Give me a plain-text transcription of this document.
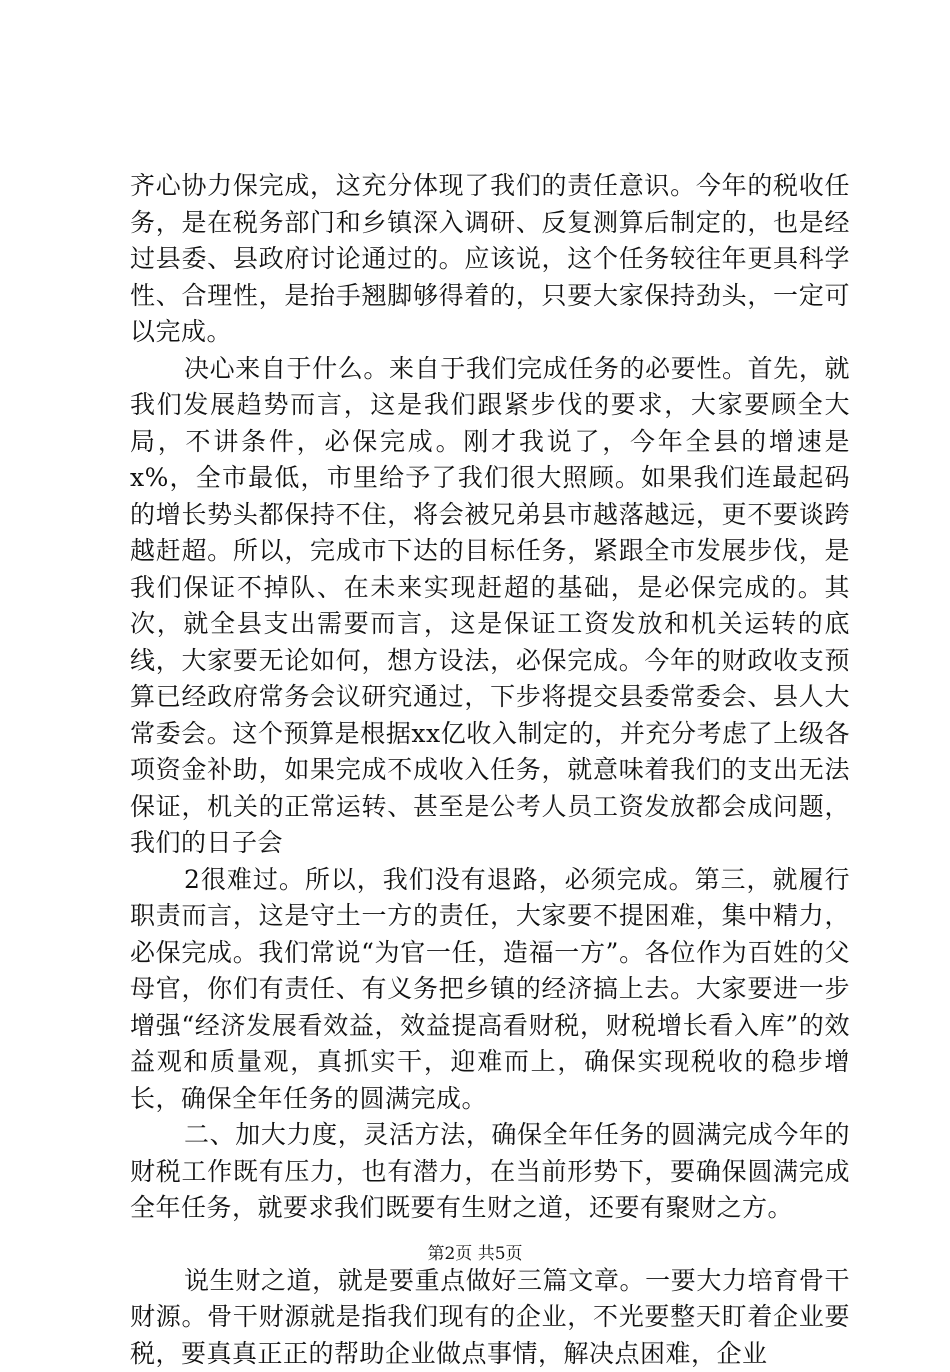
齐心协力保完成，这充分体现了我们的责任意识。今年的税收任务，是在税务部门和乡镇深入调研、反复测算后制定的，也是经过县委、县政府讨论通过的。应该说，这个任务较往年更具科学性、合理性，是抬手翘脚够得着的，只要大家保持劲头，一定可以完成。

决心来自于什么。来自于我们完成任务的必要性。首先，就我们发展趋势而言，这是我们跟紧步伐的要求，大家要顾全大局，不讲条件，必保完成。刚才我说了，今年全县的增速是x%，全市最低，市里给予了我们很大照顾。如果我们连最起码的增长势头都保持不住，将会被兄弟县市越落越远，更不要谈跨越赶超。所以，完成市下达的目标任务，紧跟全市发展步伐，是我们保证不掉队、在未来实现赶超的基础，是必保完成的。其次，就全县支出需要而言，这是保证工资发放和机关运转的底线，大家要无论如何，想方设法，必保完成。今年的财政收支预算已经政府常务会议研究通过，下步将提交县委常委会、县人大常委会。这个预算是根据xx亿收入制定的，并充分考虑了上级各项资金补助，如果完成不成收入任务，就意味着我们的支出无法保证，机关的正常运转、甚至是公考人员工资发放都会成问题，我们的日子会

2很难过。所以，我们没有退路，必须完成。第三，就履行职责而言，这是守土一方的责任，大家要不提困难，集中精力，必保完成。我们常说“为官一任，造福一方”。各位作为百姓的父母官，你们有责任、有义务把乡镇的经济搞上去。大家要进一步增强“经济发展看效益，效益提高看财税，财税增长看入库”的效益观和质量观，真抓实干，迎难而上，确保实现税收的稳步增长，确保全年任务的圆满完成。

二、加大力度，灵活方法，确保全年任务的圆满完成今年的财税工作既有压力，也有潜力，在当前形势下，要确保圆满完成全年任务，就要求我们既要有生财之道，还要有聚财之方。

说生财之道，就是要重点做好三篇文章。一要大力培育骨干财源。骨干财源就是指我们现有的企业，不光要整天盯着企业要税，要真真正正的帮助企业做点事情，解决点困难，企业

第2页 共5页
